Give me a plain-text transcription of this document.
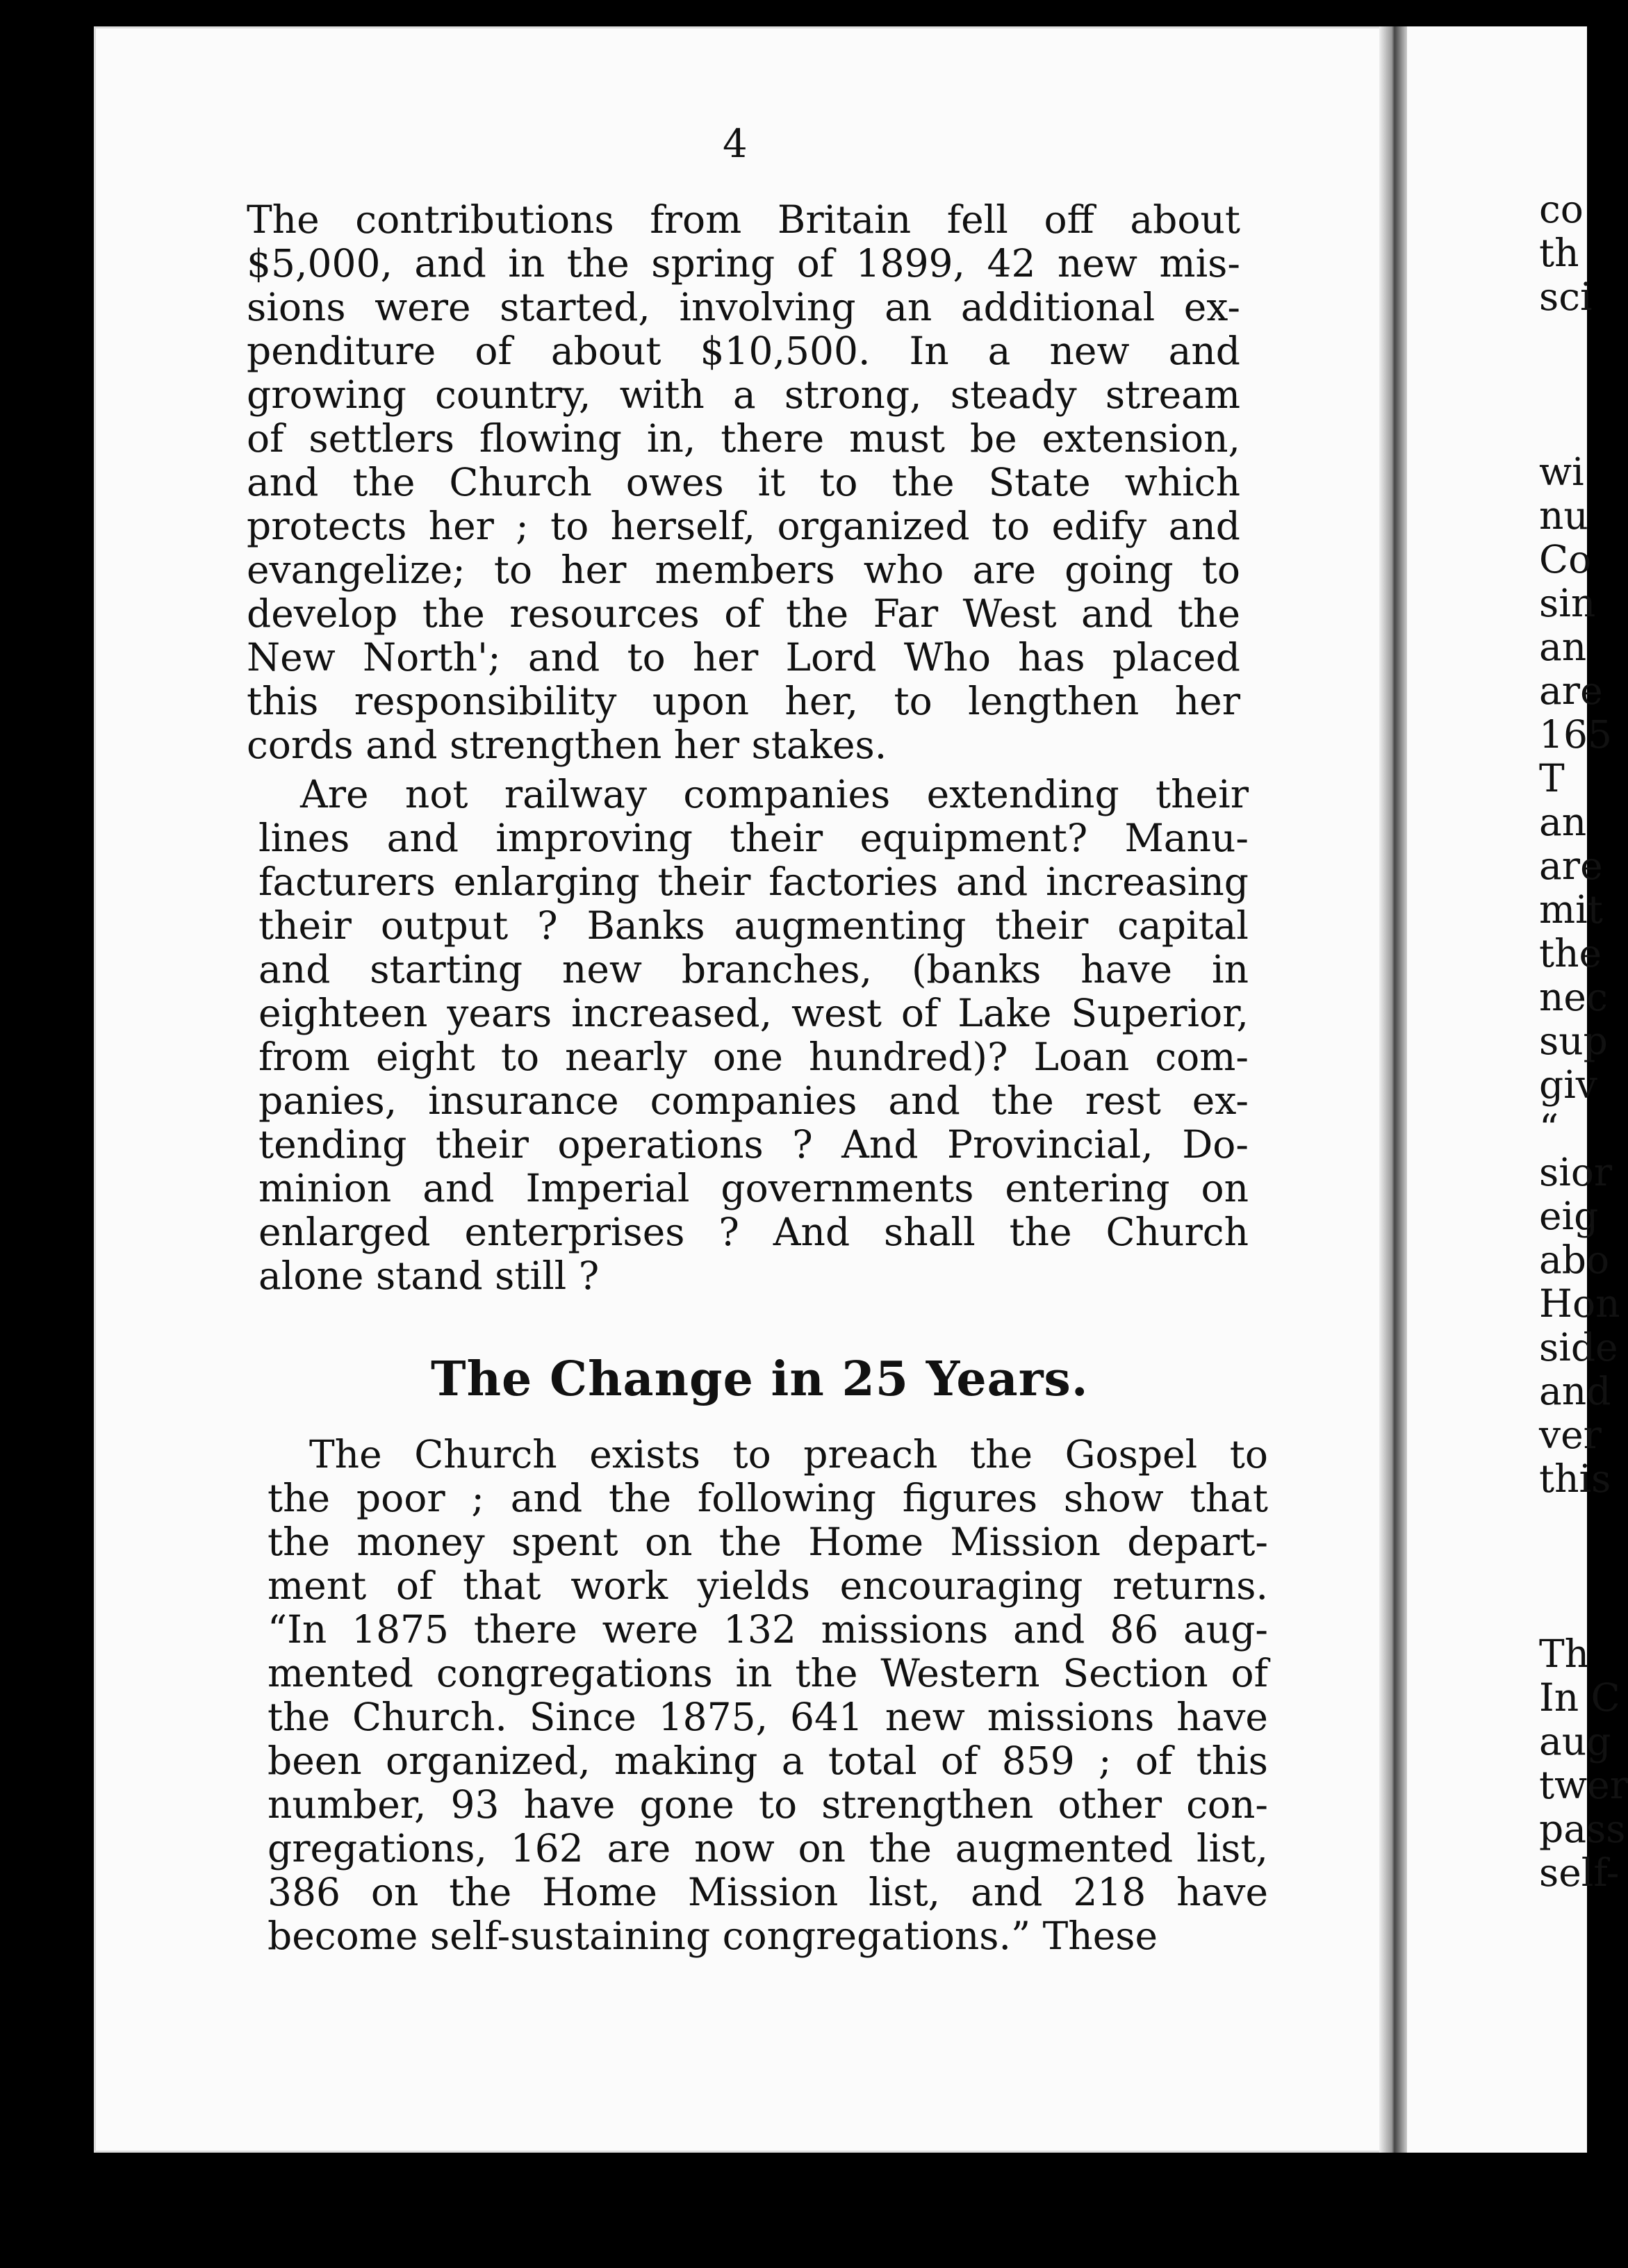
4
The contributions from Britain fell off about
$5,000, and in the spring of 1899, 42 new mis-
sions were started, involving an additional ex-
penditure of about $10,500. In a new and
growing country, with a strong, steady stream
of settlers flowing in, there must be extension,
and the Church owes it to the State which
protects her ; to herself, organized to edify and
evangelize; to her members who are going to
develop the resources of the Far West and the
New North'; and to her Lord Who has placed
this responsibility upon her, to lengthen her
cords and strengthen her stakes.
Are not railway companies extending their
lines and improving their equipment? Manu-
facturers enlarging their factories and increasing
their output ? Banks augmenting their capital
and starting new branches, (banks have in
eighteen years increased, west of Lake Superior,
from eight to nearly one hundred)? Loan com-
panies, insurance companies and the rest ex-
tending their operations ? And Provincial, Do-
minion and Imperial governments entering on
enlarged enterprises ? And shall the Church
alone stand still ?
The Change in 25 Years.
The Church exists to preach the Gospel to
the poor ; and the following figures show that
the money spent on the Home Mission depart-
ment of that work yields encouraging returns.
“In 1875 there were 132 missions and 86 aug-
mented congregations in the Western Section of
the Church. Since 1875, 641 new missions have
been organized, making a total of 859 ; of this
number, 93 have gone to strengthen other con-
gregations, 162 are now on the augmented list,
386 on the Home Mission list, and 218 have
become self-sustaining congregations.” These
co
th
sci
wi
nu
Co
sin
an
are
165
T
an
are
mit
the
nec
sup
giv
“
sior
eig
abo
Hon
side
and
ver
this
Th
In C
aug
twer
pass
self-
